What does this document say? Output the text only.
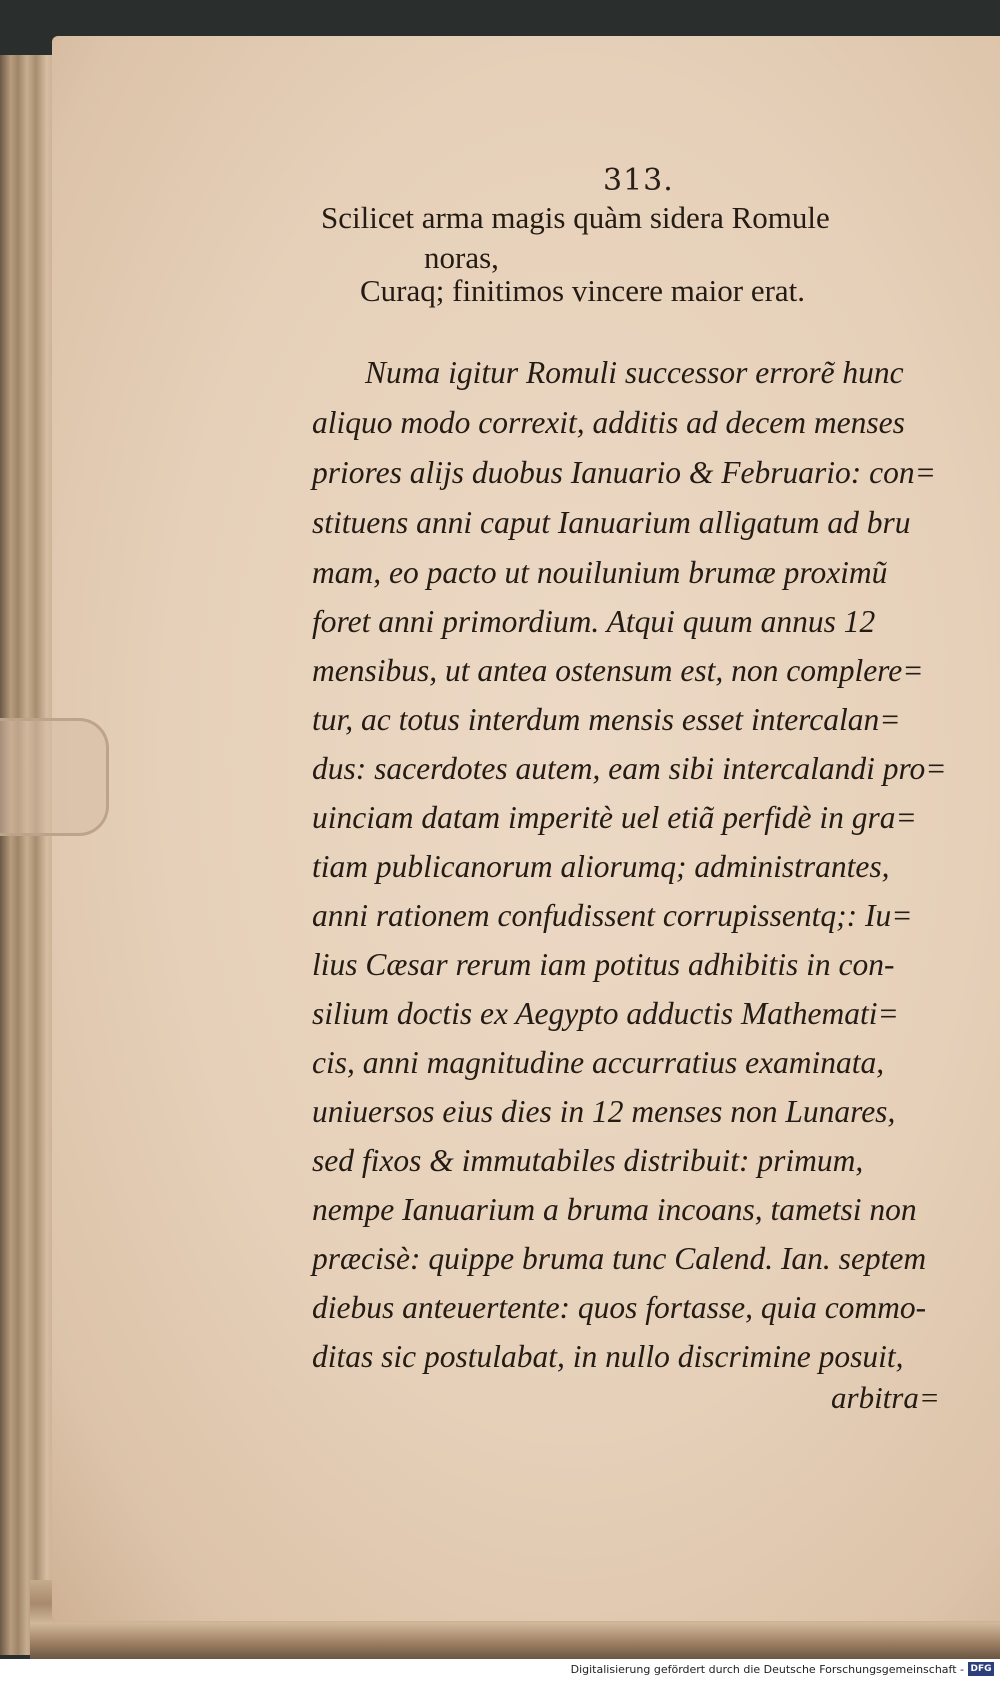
313.
Scilicet arma magis quàm sidera Romule
noras,
Curaq; finitimos vincere maior erat.
Numa igitur Romuli successor errorẽ hunc
aliquo modo correxit, additis ad decem menses
priores alijs duobus Ianuario & Februario: con=
stituens anni caput Ianuarium alligatum ad bru
mam, eo pacto ut nouilunium brumæ proximũ
foret anni primordium. Atqui quum annus 12
mensibus, ut antea ostensum est, non complere=
tur, ac totus interdum mensis esset intercalan=
dus: sacerdotes autem, eam sibi intercalandi pro=
uinciam datam imperitè uel etiã perfidè in gra=
tiam publicanorum aliorumq; administrantes,
anni rationem confudissent corrupissentq;: Iu=
lius Cæsar rerum iam potitus adhibitis in con-
silium doctis ex Aegypto adductis Mathemati=
cis, anni magnitudine accurratius examinata,
uniuersos eius dies in 12 menses non Lunares,
sed fixos & immutabiles distribuit: primum,
nempe Ianuarium a bruma incoans, tametsi non
præcisè: quippe bruma tunc Calend. Ian. septem
diebus anteuertente: quos fortasse, quia commo-
ditas sic postulabat, in nullo discrimine posuit,
arbitra=
Digitalisierung gefördert durch die Deutsche Forschungsgemeinschaft - DFG
